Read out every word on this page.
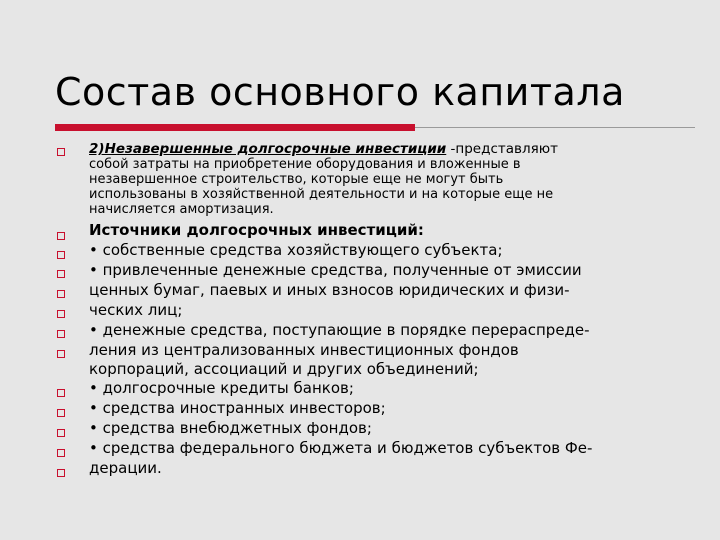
Состав основного капитала
2)Незавершенные долгосрочные инвестиции -представляют
собой затраты на приобретение оборудования и вложенные в
незавершенное строительство, которые еще не могут быть
использованы в хозяйственной деятельности и на которые еще не
начисляется амортизация.
Источники долгосрочных инвестиций:
• собственные средства хозяйствующего субъекта;
• привлеченные денежные средства, полученные от эмиссии
ценных бумаг, паевых и иных взносов юридических и физи-
ческих лиц;
• денежные средства, поступающие в порядке перераспреде-
ления из централизованных инвестиционных фондов
корпораций, ассоциаций и других объединений;
• долгосрочные кредиты банков;
• средства иностранных инвесторов;
• средства внебюджетных фондов;
• средства федерального бюджета и бюджетов субъектов Фе-
дерации.
